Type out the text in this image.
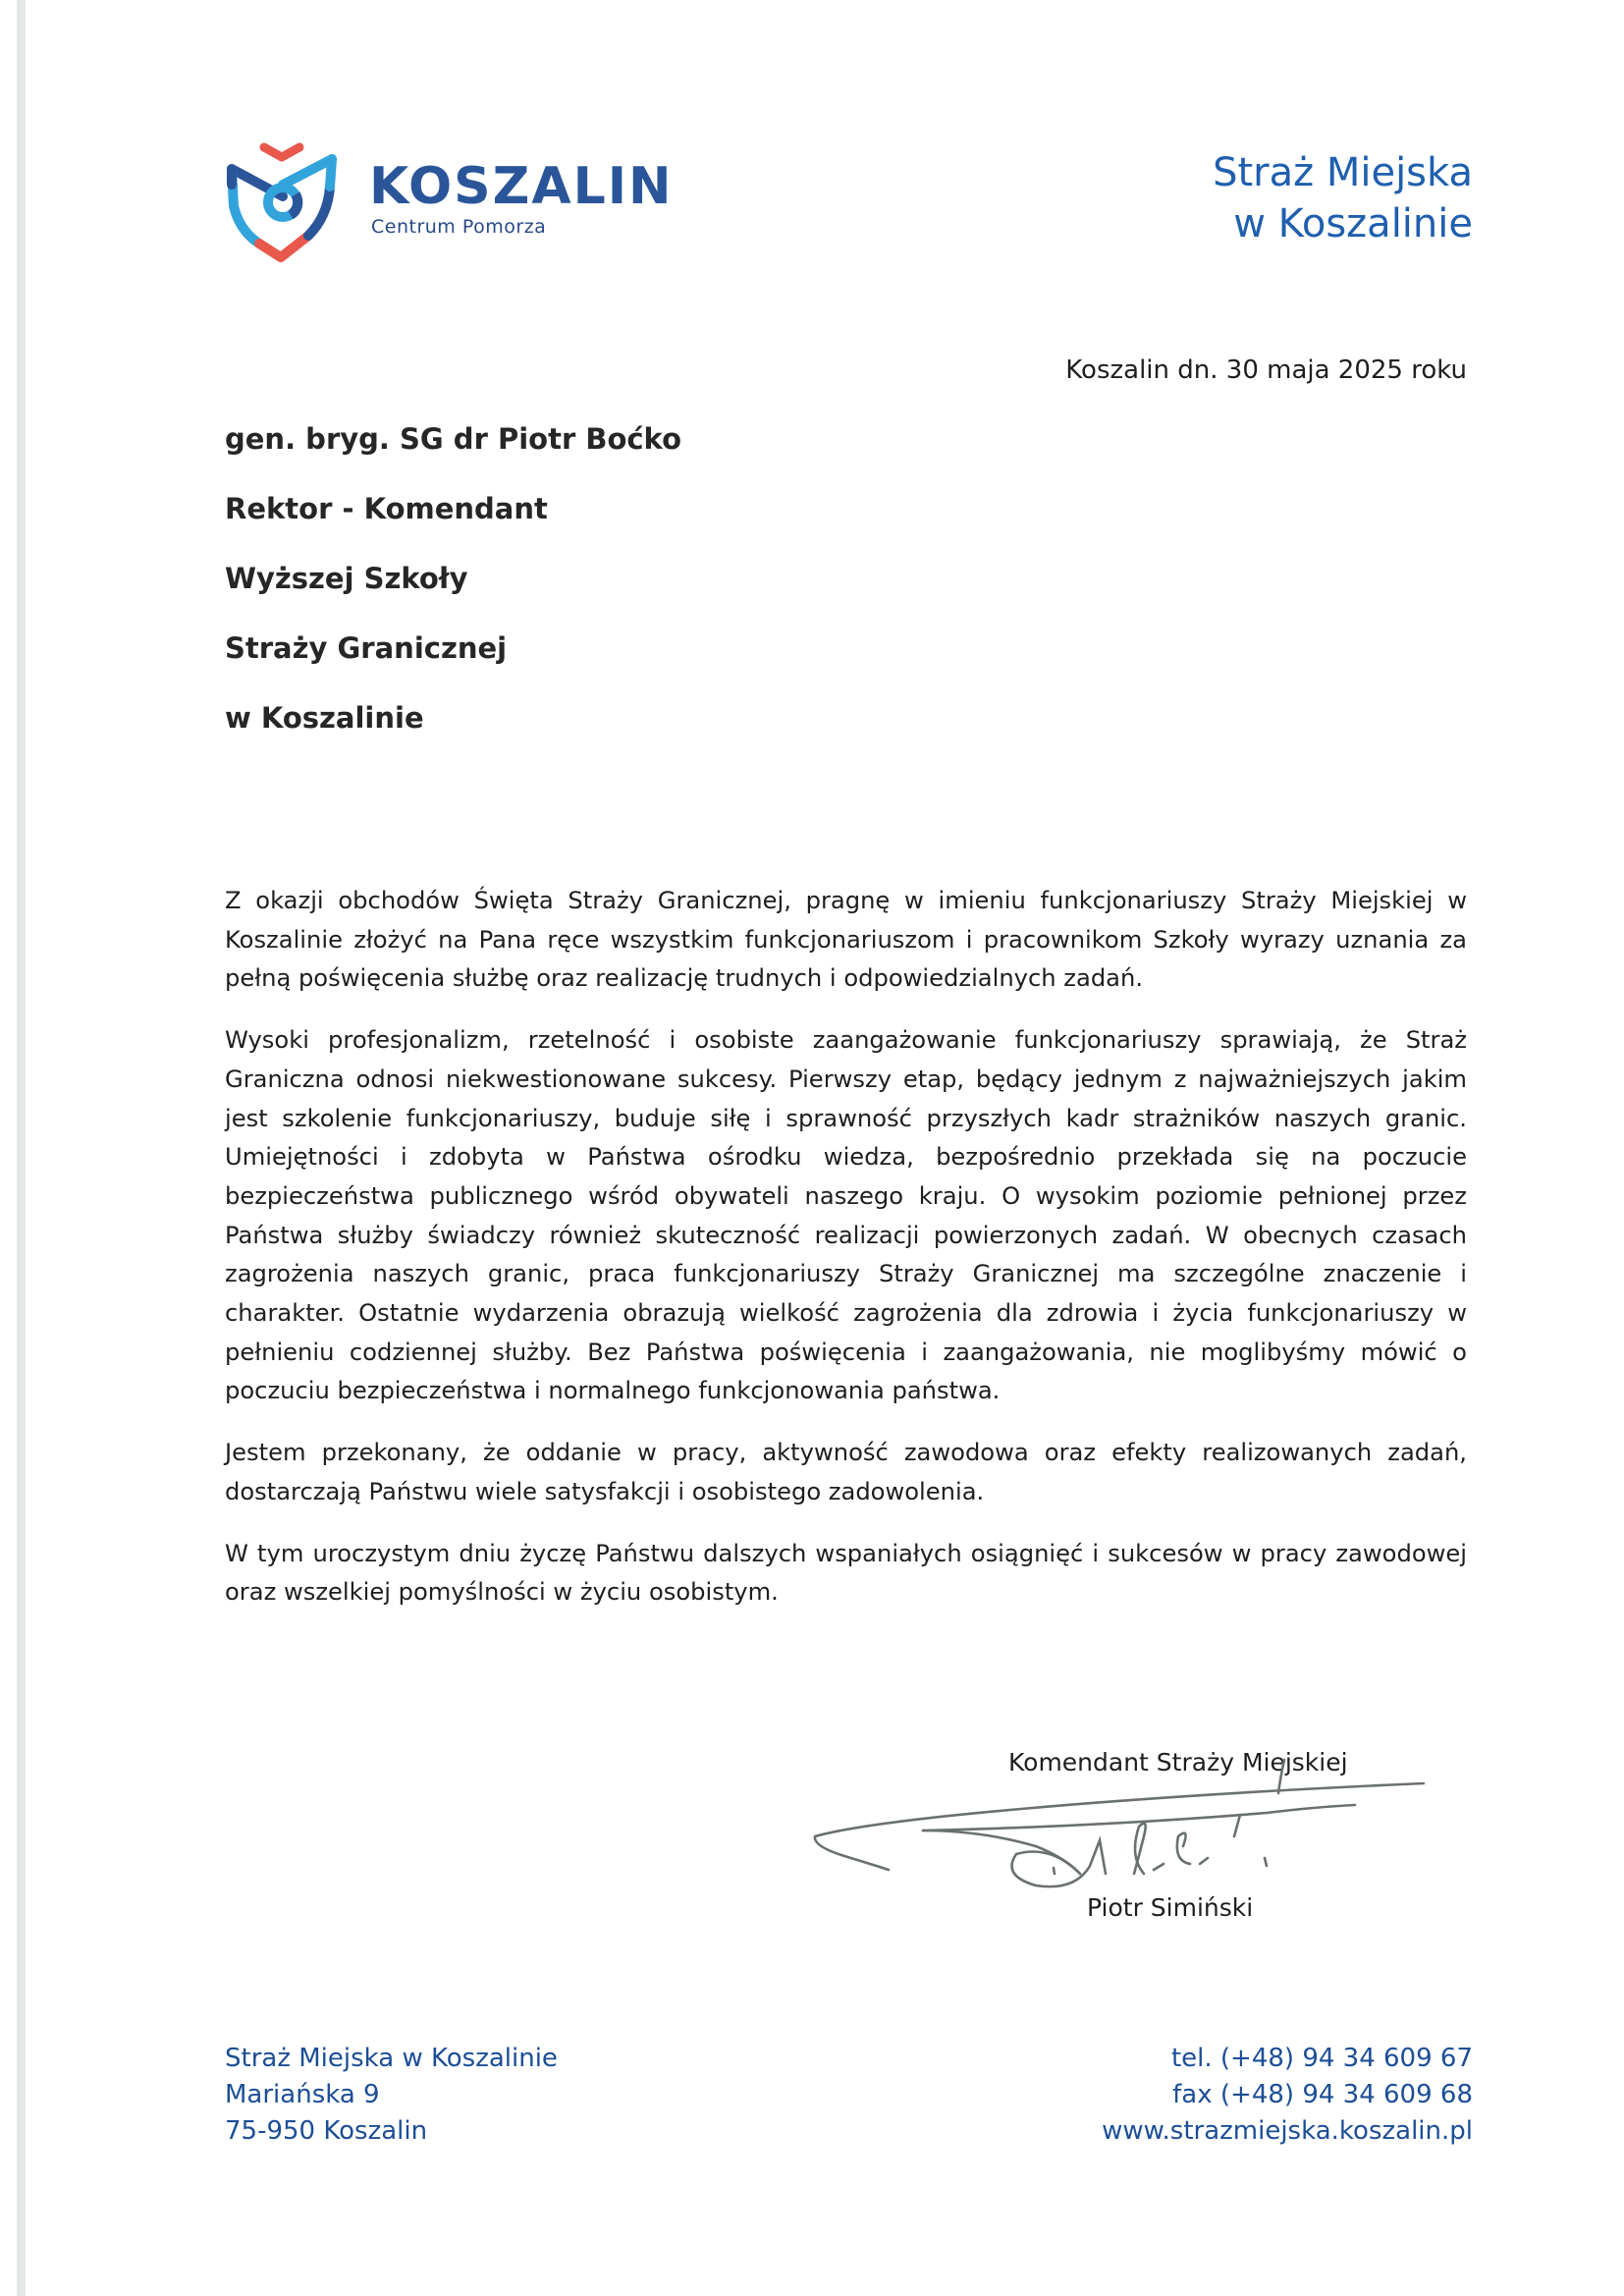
KOSZALIN
Centrum Pomorza
Straż Miejska
w Koszalinie
Koszalin dn. 30 maja 2025 roku
gen. bryg. SG dr Piotr Boćko
Rektor - Komendant
Wyższej Szkoły
Straży Granicznej
w Koszalinie

Z okazji obchodów Święta Straży Granicznej, pragnę w imieniu funkcjonariuszy Straży Miejskiej w Koszalinie złożyć na Pana ręce wszystkim funkcjonariuszom i pracownikom Szkoły wyrazy uznania za pełną poświęcenia służbę oraz realizację trudnych i odpowiedzialnych zadań.

Wysoki profesjonalizm, rzetelność i osobiste zaangażowanie funkcjonariuszy sprawiają, że Straż Graniczna odnosi niekwestionowane sukcesy. Pierwszy etap, będący jednym z najważniejszych jakim jest szkolenie funkcjonariuszy, buduje siłę i sprawność przyszłych kadr strażników naszych granic. Umiejętności i zdobyta w Państwa ośrodku wiedza, bezpośrednio przekłada się na poczucie bezpieczeństwa publicznego wśród obywateli naszego kraju. O wysokim poziomie pełnionej przez Państwa służby świadczy również skuteczność realizacji powierzonych zadań. W obecnych czasach zagrożenia naszych granic, praca funkcjonariuszy Straży Granicznej ma szczególne znaczenie i charakter. Ostatnie wydarzenia obrazują wielkość zagrożenia dla zdrowia i życia funkcjonariuszy w pełnieniu codziennej służby. Bez Państwa poświęcenia i zaangażowania, nie moglibyśmy mówić o poczuciu bezpieczeństwa i normalnego funkcjonowania państwa.

Jestem przekonany, że oddanie w pracy, aktywność zawodowa oraz efekty realizowanych zadań, dostarczają Państwu wiele satysfakcji i osobistego zadowolenia.

W tym uroczystym dniu życzę Państwu dalszych wspaniałych osiągnięć i sukcesów w pracy zawodowej oraz wszelkiej pomyślności w życiu osobistym.

Komendant Straży Miejskiej
Piotr Simiński
Straż Miejska w Koszalinie
Mariańska 9
75-950 Koszalin
tel. (+48) 94 34 609 67
fax (+48) 94 34 609 68
www.strazmiejska.koszalin.pl
